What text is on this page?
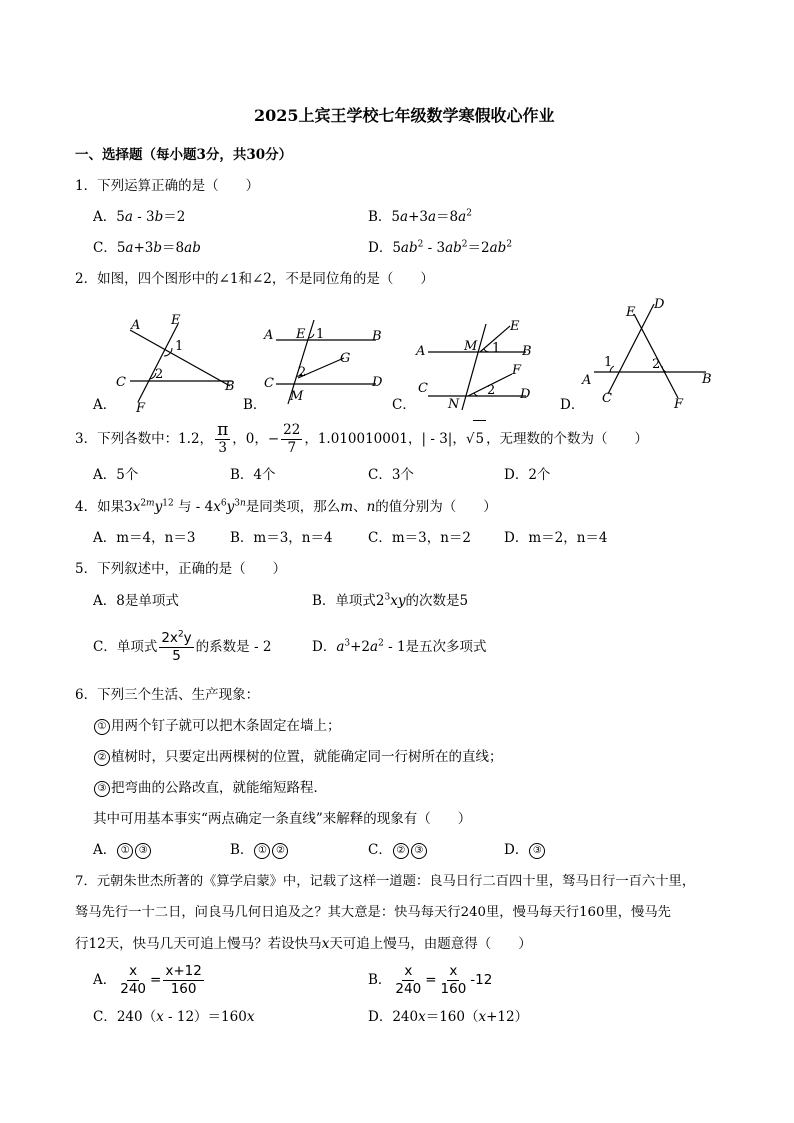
2025上宾王学校七年级数学寒假收心作业
一、选择题（每小题3分，共30分）
1．下列运算正确的是（　　）
A．5a - 3b＝2	B．$5a+3a=8a^2$
C．5a+3b＝8ab	D．$5ab^2 - 3ab^2=2ab^2$
2．如图，四个图形中的∠1和∠2，不是同位角的是（　　）
A E
1
C
2
B
F
A．
A E 1	B
G
C
2
D
M
B．
E
A	M 1 B
F
C	2 D
N
C．
D
E
1	2
A	B
C	F
D．
3．下列各数中：1.2， $\frac{\pi}{3}$ ，0，− $\frac{22}{7}$ ，1.010010001，| - 3|，√5 ，无理数的个数为（　　）
A．5个	B．4个	C．3个	D．2个
4．如果$3x^{2m}y^{12}$ 与 - $4x^6y^{3n}$是同类项，那么m、n的值分别为（　　）
A．m＝4，n＝3	B．m＝3，n＝4	C．m＝3，n＝2 D．m＝2，n＝4
5．下列叙述中，正确的是（　　）
A．8是单项式	B．单项式$2^3xy$的次数是5
C．单项式 $\frac{2x^2y}{5}$ 的系数是 - 2	D．$a^3+2a^2 - 1$是五次多项式
6．下列三个生活、生产现象：
① 用两个钉子就可以把木条固定在墙上；
② 植树时，只要定出两棵树的位置，就能确定同一行树所在的直线；
③ 把弯曲的公路改直，就能缩短路程．
其中可用基本事实“两点确定一条直线”来解释的现象有（　　）
A． ① ③	B． ① ②	C． ② ③	D． ③
7．元朝朱世杰所著的《算学启蒙》中，记载了这样一道题：良马日行二百四十里，驽马日行一百六十里，
驽马先行一十二日，问良马几何日追及之？其大意是：快马每天行240里，慢马每天行160里，慢马先
行12天，快马几天可追上慢马？若设快马x天可追上慢马，由题意得（　　）
A． $\frac{x}{240} = \frac{x+12}{160}$	B． $\frac{x}{240} = \frac{x}{160} -12$
C．240（x - 12）＝160x	D．240x＝160（x+12）
